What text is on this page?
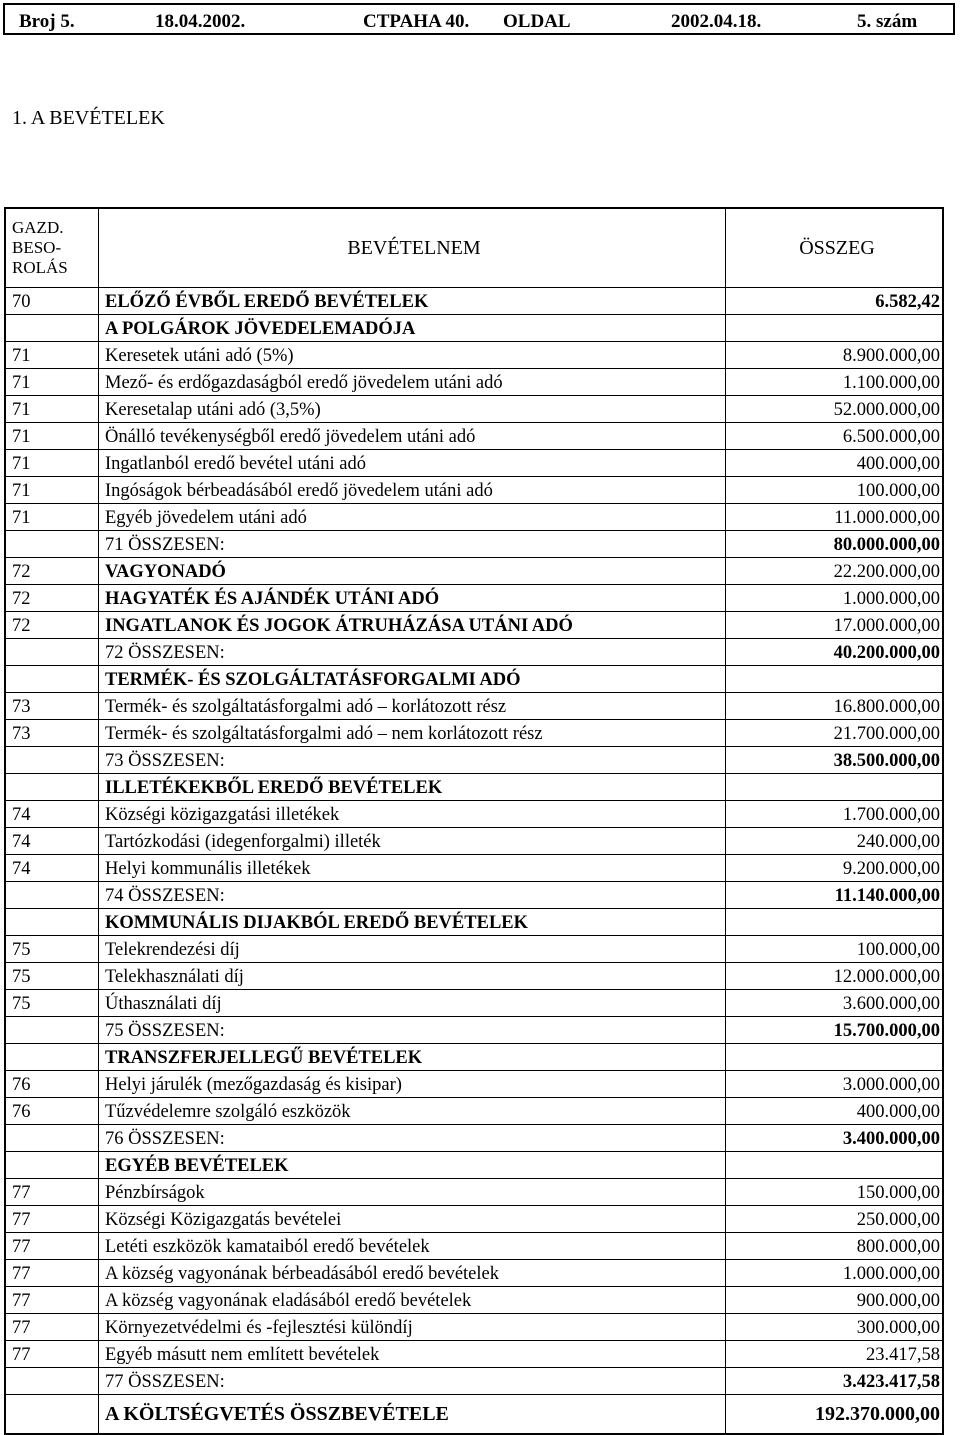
Broj 5.	18.04.2002.	CTPAHA 40. OLDAL	2002.04.18.	5. szám
1. A BEVÉTELEK
GAZD.
BESO-
ROLÁS	BEVÉTELNEM	ÖSSZEG
70	ELŐZŐ ÉVBŐL EREDŐ BEVÉTELEK	6.582,42
	A POLGÁROK JÖVEDELEMADÓJA	
71	Keresetek utáni adó (5%)	8.900.000,00
71	Mező- és erdőgazdaságból eredő jövedelem utáni adó	1.100.000,00
71	Keresetalap utáni adó (3,5%)	52.000.000,00
71	Önálló tevékenységből eredő jövedelem utáni adó	6.500.000,00
71	Ingatlanból eredő bevétel utáni adó	400.000,00
71	Ingóságok bérbeadásából eredő jövedelem utáni adó	100.000,00
71	Egyéb jövedelem utáni adó	11.000.000,00
	71 ÖSSZESEN:	80.000.000,00
72	VAGYONADÓ	22.200.000,00
72	HAGYATÉK ÉS AJÁNDÉK UTÁNI ADÓ	1.000.000,00
72	INGATLANOK ÉS JOGOK ÁTRUHÁZÁSA UTÁNI ADÓ	17.000.000,00
	72 ÖSSZESEN:	40.200.000,00
	TERMÉK- ÉS SZOLGÁLTATÁSFORGALMI ADÓ	
73	Termék- és szolgáltatásforgalmi adó – korlátozott rész	16.800.000,00
73	Termék- és szolgáltatásforgalmi adó – nem korlátozott rész	21.700.000,00
	73 ÖSSZESEN:	38.500.000,00
	ILLETÉKEKBŐL EREDŐ BEVÉTELEK	
74	Községi közigazgatási illetékek	1.700.000,00
74	Tartózkodási (idegenforgalmi) illeték	240.000,00
74	Helyi kommunális illetékek	9.200.000,00
	74 ÖSSZESEN:	11.140.000,00
	KOMMUNÁLIS DIJAKBÓL EREDŐ BEVÉTELEK	
75	Telekrendezési díj	100.000,00
75	Telekhasználati díj	12.000.000,00
75	Úthasználati díj	3.600.000,00
	75 ÖSSZESEN:	15.700.000,00
	TRANSZFERJELLEGŰ BEVÉTELEK	
76	Helyi járulék (mezőgazdaság és kisipar)	3.000.000,00
76	Tűzvédelemre szolgáló eszközök	400.000,00
	76 ÖSSZESEN:	3.400.000,00
	EGYÉB BEVÉTELEK	
77	Pénzbírságok	150.000,00
77	Községi Közigazgatás bevételei	250.000,00
77	Letéti eszközök kamataiból eredő bevételek	800.000,00
77	A község vagyonának bérbeadásából eredő bevételek	1.000.000,00
77	A község vagyonának eladásából eredő bevételek	900.000,00
77	Környezetvédelmi és -fejlesztési különdíj	300.000,00
77	Egyéb másutt nem említett bevételek	23.417,58
	77 ÖSSZESEN:	3.423.417,58
	A KÖLTSÉGVETÉS ÖSSZBEVÉTELE	192.370.000,00
